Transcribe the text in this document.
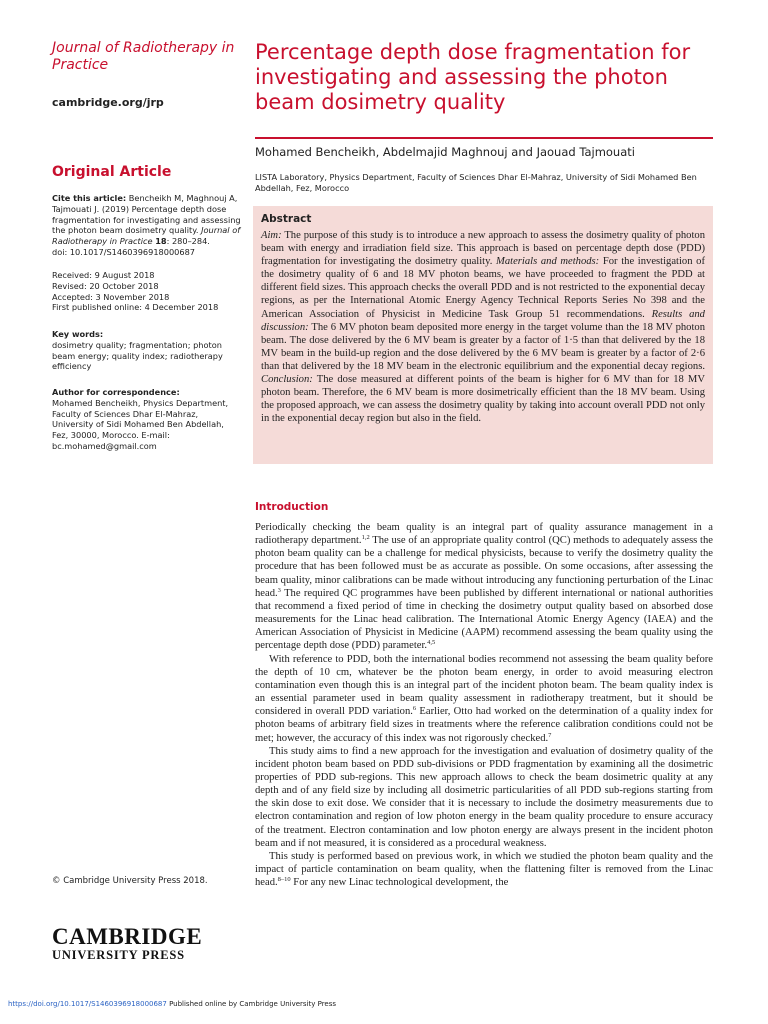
Journal of Radiotherapy in
Practice

cambridge.org/jrp
Original Article
Cite this article: Bencheikh M, Maghnouj A, Tajmouati J. (2019) Percentage depth dose fragmentation for investigating and assessing the photon beam dosimetry quality. Journal of Radiotherapy in Practice 18: 280–284.
doi: 10.1017/S1460396918000687
Received: 9 August 2018
Revised: 20 October 2018
Accepted: 3 November 2018
First published online: 4 December 2018
Key words:
dosimetry quality; fragmentation; photon beam energy; quality index; radiotherapy efficiency
Author for correspondence:
Mohamed Bencheikh, Physics Department, Faculty of Sciences Dhar El-Mahraz, University of Sidi Mohamed Ben Abdellah, Fez, 30000, Morocco. E-mail: bc.mohamed@gmail.com
© Cambridge University Press 2018.
CAMBRIDGE
UNIVERSITY PRESS
Percentage depth dose fragmentation for investigating and assessing the photon beam dosimetry quality
Mohamed Bencheikh, Abdelmajid Maghnouj and Jaouad Tajmouati
LISTA Laboratory, Physics Department, Faculty of Sciences Dhar El-Mahraz, University of Sidi Mohamed Ben Abdellah, Fez, Morocco
Abstract
Aim: The purpose of this study is to introduce a new approach to assess the dosimetry quality of photon beam with energy and irradiation field size. This approach is based on percentage depth dose (PDD) fragmentation for investigating the dosimetry quality. Materials and methods: For the investigation of the dosimetry quality of 6 and 18 MV photon beams, we have proceeded to fragment the PDD at different field sizes. This approach checks the overall PDD and is not restricted to the exponential decay regions, as per the International Atomic Energy Agency Technical Reports Series No 398 and the American Association of Physicist in Medicine Task Group 51 recommendations. Results and discussion: The 6 MV photon beam deposited more energy in the target volume than the 18 MV photon beam. The dose delivered by the 6 MV beam is greater by a factor of 1·5 than that delivered by the 18 MV beam in the build-up region and the dose delivered by the 6 MV beam is greater by a factor of 2·6 than that delivered by the 18 MV beam in the electronic equilibrium and the exponential decay regions. Conclusion: The dose measured at different points of the beam is higher for 6 MV than for 18 MV photon beam. Therefore, the 6 MV beam is more dosimetrically efficient than the 18 MV beam. Using the proposed approach, we can assess the dosimetry quality by taking into account overall PDD not only in the exponential decay region but also in the field.
Introduction

Periodically checking the beam quality is an integral part of quality assurance management in a radiotherapy department.$^{1,2}$ The use of an appropriate quality control (QC) methods to adequately assess the photon beam quality can be a challenge for medical physicists, because to verify the dosimetry quality the procedure that has been followed must be as accurate as possible. On some occasions, after assessing the beam quality, minor calibrations can be made without introducing any functioning perturbation of the Linac head.$^3$ The required QC programmes have been published by different international or national authorities that recommend a fixed period of time in checking the dosimetry output quality based on absorbed dose measurements for the Linac head calibration. The International Atomic Energy Agency (IAEA) and the American Association of Physicist in Medicine (AAPM) recommend assessing the beam quality using the percentage depth dose (PDD) parameter.$^{4,5}$

With reference to PDD, both the international bodies recommend not assessing the beam quality before the depth of 10 cm, whatever be the photon beam energy, in order to avoid measuring electron contamination even though this is an integral part of the incident photon beam. The beam quality index is an essential parameter used in beam quality assessment in radiotherapy treatment, but it should be considered in overall PDD variation.$^6$ Earlier, Otto had worked on the determination of a quality index for photon beams of arbitrary field sizes in treatments where the reference calibration conditions could not be met; however, the accuracy of this index was not rigorously checked.$^7$

This study aims to find a new approach for the investigation and evaluation of dosimetry quality of the incident photon beam based on PDD sub-divisions or PDD fragmentation by examining all the dosimetric properties of PDD sub-regions. This new approach allows to check the beam dosimetric quality at any depth and of any field size by including all dosimetric particularities of all PDD sub-regions starting from the skin dose to exit dose. We consider that it is necessary to include the dosimetry measurements due to electron contamination and region of low photon energy in the beam quality procedure to ensure accuracy of the treatment. Electron contamination and low photon energy are always present in the incident photon beam and if not measured, it is considered as a procedural weakness.

This study is performed based on previous work, in which we studied the photon beam quality and the impact of particle contamination on beam quality, when the flattening filter is removed from the Linac head.$^{8-10}$ For any new Linac technological development, the

https://doi.org/10.1017/S1460396918000687 Published online by Cambridge University Press
